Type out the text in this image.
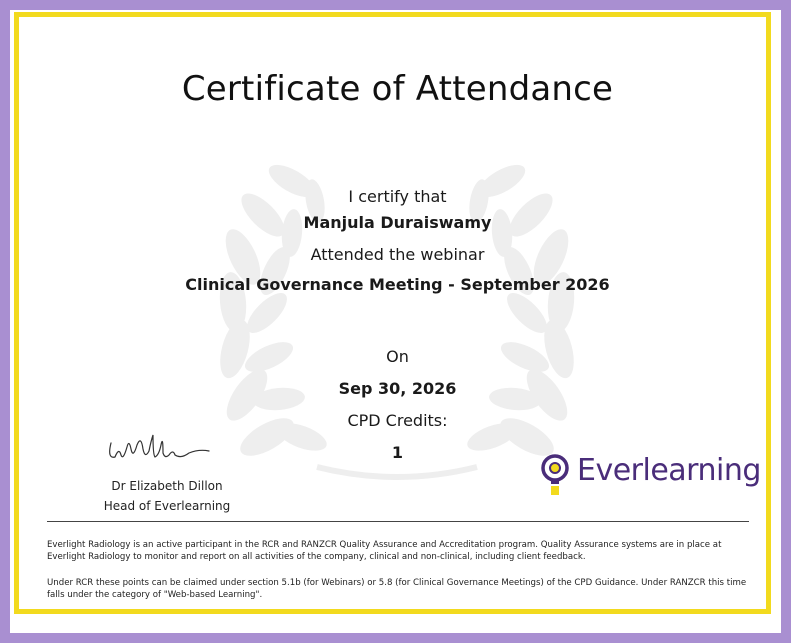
Certificate of Attendance
I certify that
Manjula Duraiswamy
Attended the webinar
Clinical Governance Meeting - September 2026
On
Sep 30, 2026
CPD Credits:
1
Dr Elizabeth Dillon
Head of Everlearning
Everlearning
Everlight Radiology is an active participant in the RCR and RANZCR Quality Assurance and Accreditation program. Quality Assurance systems are in place at Everlight Radiology to monitor and report on all activities of the company, clinical and non-clinical, including client feedback.
Under RCR these points can be claimed under section 5.1b (for Webinars) or 5.8 (for Clinical Governance Meetings) of the CPD Guidance. Under RANZCR this time falls under the category of "Web-based Learning".
